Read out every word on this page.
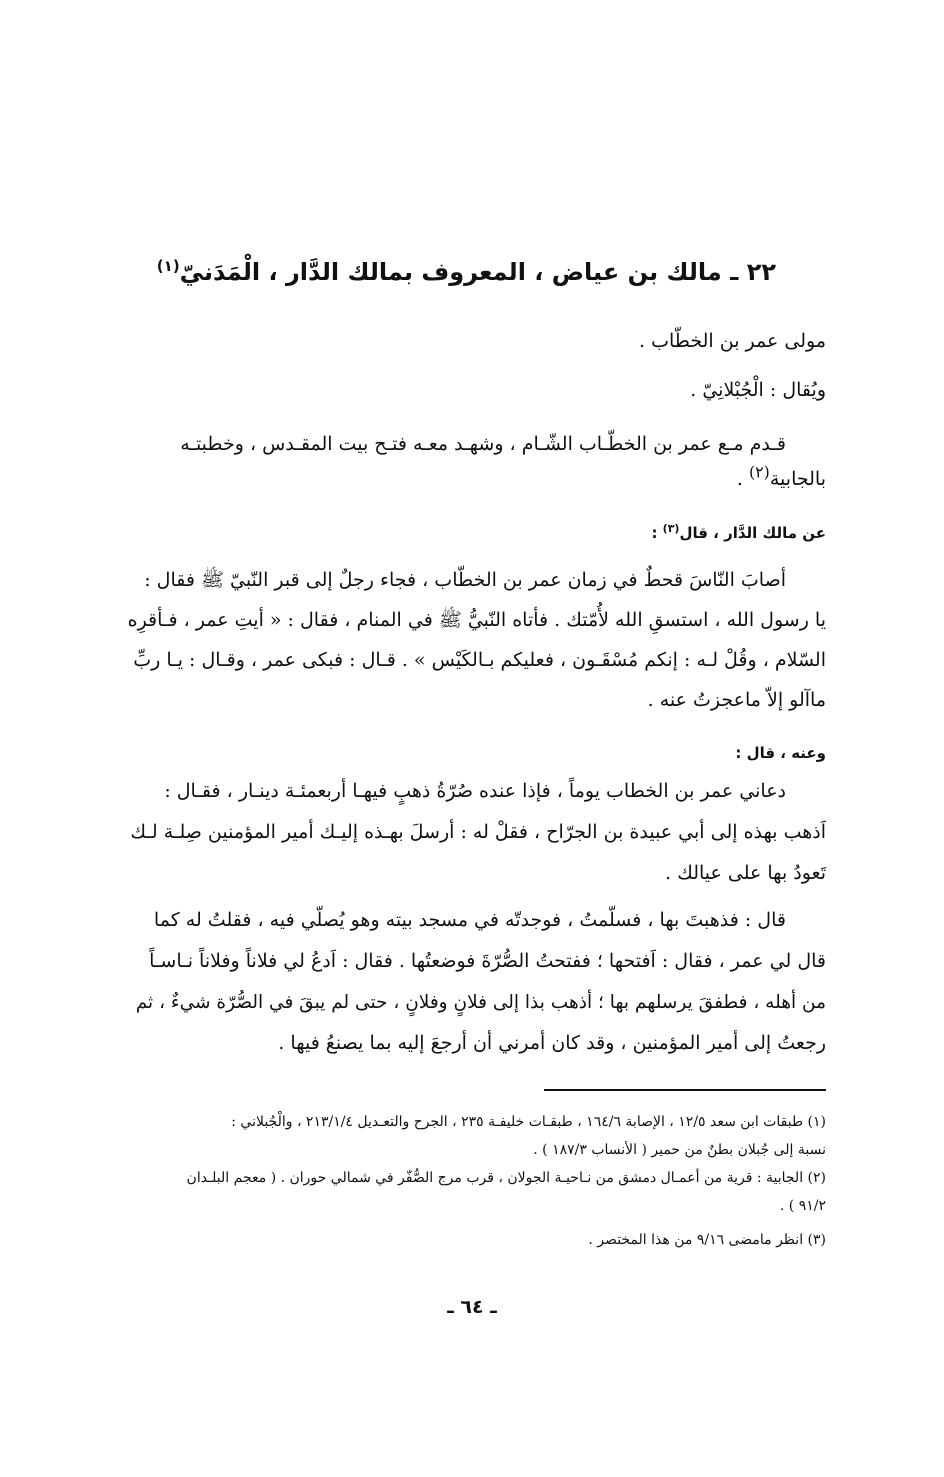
٢٢ ـ مالك بن عياض ، المعروف بمالك الدَّار ، الْمَدَنيّ$^{(١)}$
مولى عمر بن الخطّاب .
ويُقال : الْجُبْلانِيّ .
قـدم مـع عمر بن الخطّـاب الشّـام ، وشهـد معـه فتـح بيت المقـدس ، وخطبتـه
بالجابية$^{(٢)}$ .
عن مالك الدَّار ، قال$^{(٣)}$ :
أصابَ النّاسَ قحطٌ في زمان عمر بن الخطّاب ، فجاء رجلٌ إلى قبر النّبيّ ﷺ فقال :
يا رسول الله ، استسقِ الله لأُمّتك . فأتاه النّبيُّ ﷺ في المنام ، فقال : « أيتِ عمر ، فـأقرِه
السّلام ، وقُلْ لـه : إنكم مُسْقَـون ، فعليكم بـالكَيْس » . قـال : فبكى عمر ، وقـال : يـا ربِّ
ماآلو إلاّ ماعجزتُ عنه .
وعنه ، قال :
دعاني عمر بن الخطاب يوماً ، فإذا عنده صُرّةُ ذهبٍ فيهـا أربعمئـة دينـار ، فقـال :
اَذهب بهذه إلى أبي عبيدة بن الجرّاح ، فقلْ له : أرسلَ بهـذه إليـك أمير المؤمنين صِلـة لـك
تَعودُ بها على عيالك .
قال : فذهبتَ بها ، فسلّمتُ ، فوجدتّه في مسجد بيته وهو يُصلّي فيه ، فقلتُ له كما
قال لي عمر ، فقال : اَفتحها ؛ ففتحتُ الصُّرّةَ فوضعتُها . فقال : اَدعُ لي فلاناً وفلاناً نـاسـاً
من أهله ، فطفقَ يرسلهم بها ؛ أذهب بذا إلى فلانٍ وفلانٍ ، حتى لم يبقَ في الصُّرّة شيءٌ ، ثم
رجعتُ إلى أمير المؤمنين ، وقد كان أمرني أن أرجعَ إليه بما يصنعُ فيها .
(١) طبقات ابن سعد ١٢/٥ ، الإصابة ١٦٤/٦ ، طبقـات خليفـة ٢٣٥ ، الجرح والتعـديل ٢١٣/١/٤ ، والْجُبلاني :
نسبة إلى جُبلان بطنٌ من حمير ( الأنساب ١٨٧/٣ ) .
(٢) الجابية : قرية من أعمـال دمشق من نـاحيـة الجولان ، قرب مرج الصُّفّر في شمالي حوران . ( معجم البلـدان
٩١/٢ ) .
(٣) انظر مامضى ٩/١٦ من هذا المختصر .
ـ ٦٤ ـ
